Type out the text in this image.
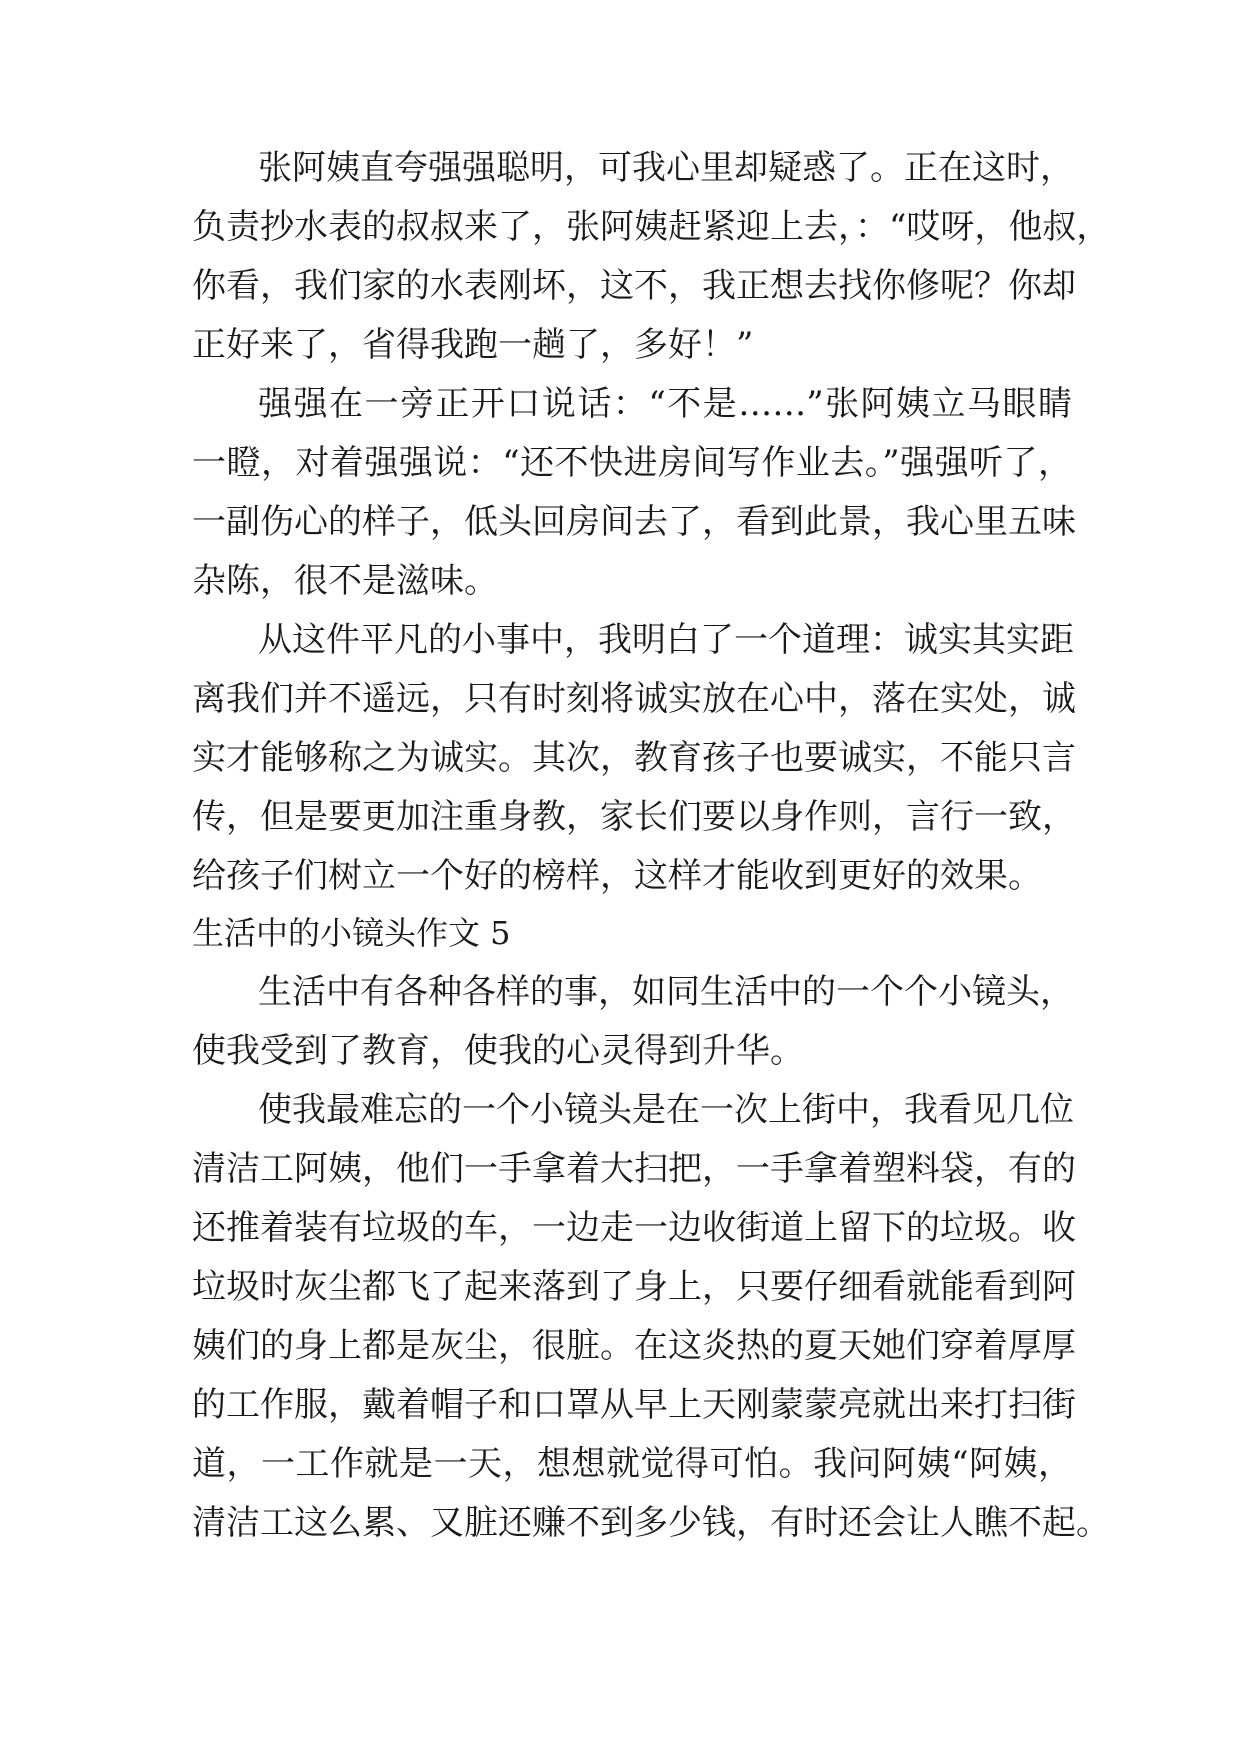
张阿姨直夸强强聪明，可我心里却疑惑了。正在这时，
负责抄水表的叔叔来了，张阿姨赶紧迎上去，：“哎呀，他叔，
你看，我们家的水表刚坏，这不，我正想去找你修呢？你却
正好来了，省得我跑一趟了，多好！”
强强在一旁正开口说话：“不是……”张阿姨立马眼睛
一瞪，对着强强说：“还不快进房间写作业去。”强强听了，
一副伤心的样子，低头回房间去了，看到此景，我心里五味
杂陈，很不是滋味。
从这件平凡的小事中，我明白了一个道理：诚实其实距
离我们并不遥远，只有时刻将诚实放在心中，落在实处，诚
实才能够称之为诚实。其次，教育孩子也要诚实，不能只言
传，但是要更加注重身教，家长们要以身作则，言行一致，
给孩子们树立一个好的榜样，这样才能收到更好的效果。
生活中的小镜头作文 5
生活中有各种各样的事，如同生活中的一个个小镜头，
使我受到了教育，使我的心灵得到升华。
使我最难忘的一个小镜头是在一次上街中，我看见几位
清洁工阿姨，他们一手拿着大扫把，一手拿着塑料袋，有的
还推着装有垃圾的车，一边走一边收街道上留下的垃圾。收
垃圾时灰尘都飞了起来落到了身上，只要仔细看就能看到阿
姨们的身上都是灰尘，很脏。在这炎热的夏天她们穿着厚厚
的工作服，戴着帽子和口罩从早上天刚蒙蒙亮就出来打扫街
道，一工作就是一天，想想就觉得可怕。我问阿姨“阿姨，
清洁工这么累、又脏还赚不到多少钱，有时还会让人瞧不起。
